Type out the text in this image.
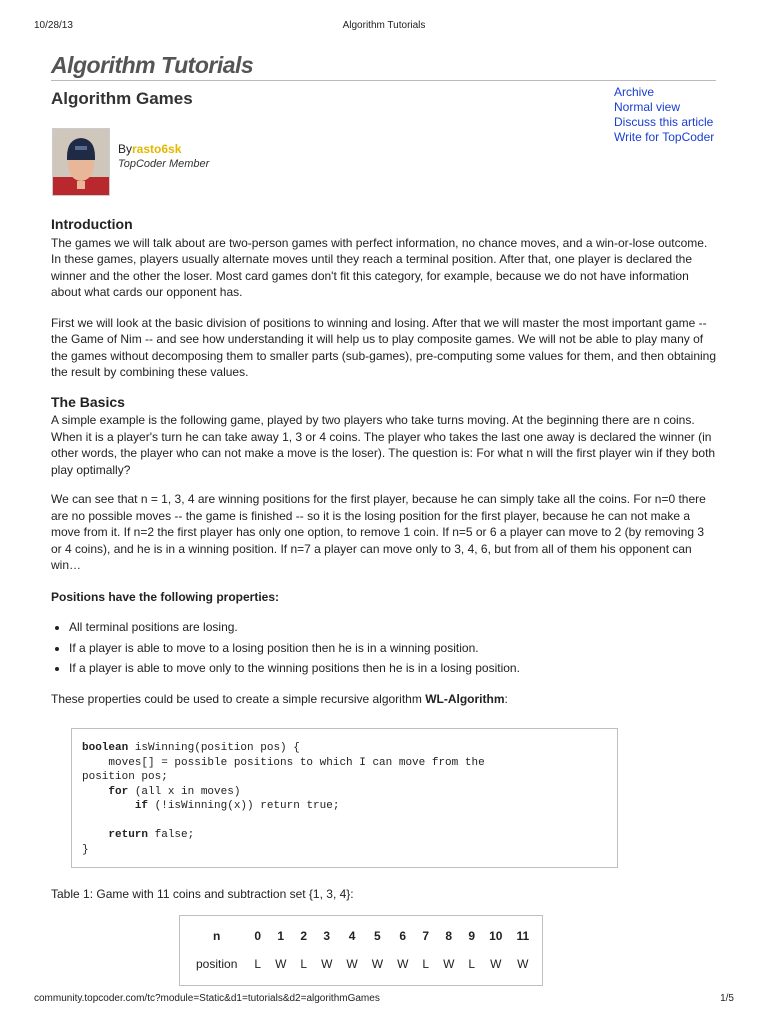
10/28/13	Algorithm Tutorials
Algorithm Tutorials
Algorithm Games	Archive
Normal view
Discuss this article
Write for TopCoder
Byrasto6sk
TopCoder Member
Introduction

The games we will talk about are two-person games with perfect information, no chance moves, and a win-or-lose outcome. In these games, players usually alternate moves until they reach a terminal position. After that, one player is declared the winner and the other the loser. Most card games don't fit this category, for example, because we do not have information about what cards our opponent has.

First we will look at the basic division of positions to winning and losing. After that we will master the most important game -- the Game of Nim -- and see how understanding it will help us to play composite games. We will not be able to play many of the games without decomposing them to smaller parts (sub-games), pre-computing some values for them, and then obtaining the result by combining these values.

The Basics

A simple example is the following game, played by two players who take turns moving. At the beginning there are n coins. When it is a player's turn he can take away 1, 3 or 4 coins. The player who takes the last one away is declared the winner (in other words, the player who can not make a move is the loser). The question is: For what n will the first player win if they both play optimally?

We can see that n = 1, 3, 4 are winning positions for the first player, because he can simply take all the coins. For n=0 there are no possible moves -- the game is finished -- so it is the losing position for the first player, because he can not make a move from it. If n=2 the first player has only one option, to remove 1 coin. If n=5 or 6 a player can move to 2 (by removing 3 or 4 coins), and he is in a winning position. If n=7 a player can move only to 3, 4, 6, but from all of them his opponent can win…

Positions have the following properties:

• All terminal positions are losing.
• If a player is able to move to a losing position then he is in a winning position.
• If a player is able to move only to the winning positions then he is in a losing position.

These properties could be used to create a simple recursive algorithm WL-Algorithm:

boolean isWinning(position pos) {
moves[] = possible positions to which I can move from the
position pos;
for (all x in moves)
if (!isWinning(x)) return true;

return false;
}

Table 1: Game with 11 coins and subtraction set {1, 3, 4}:

n	0	1	2	3	4	5	6	7	8	9	10	11
position	L	W	L	W	W	W	W	L	W	L	W	W
community.topcoder.com/tc?module=Static&d1=tutorials&d2=algorithmGames	1/5
